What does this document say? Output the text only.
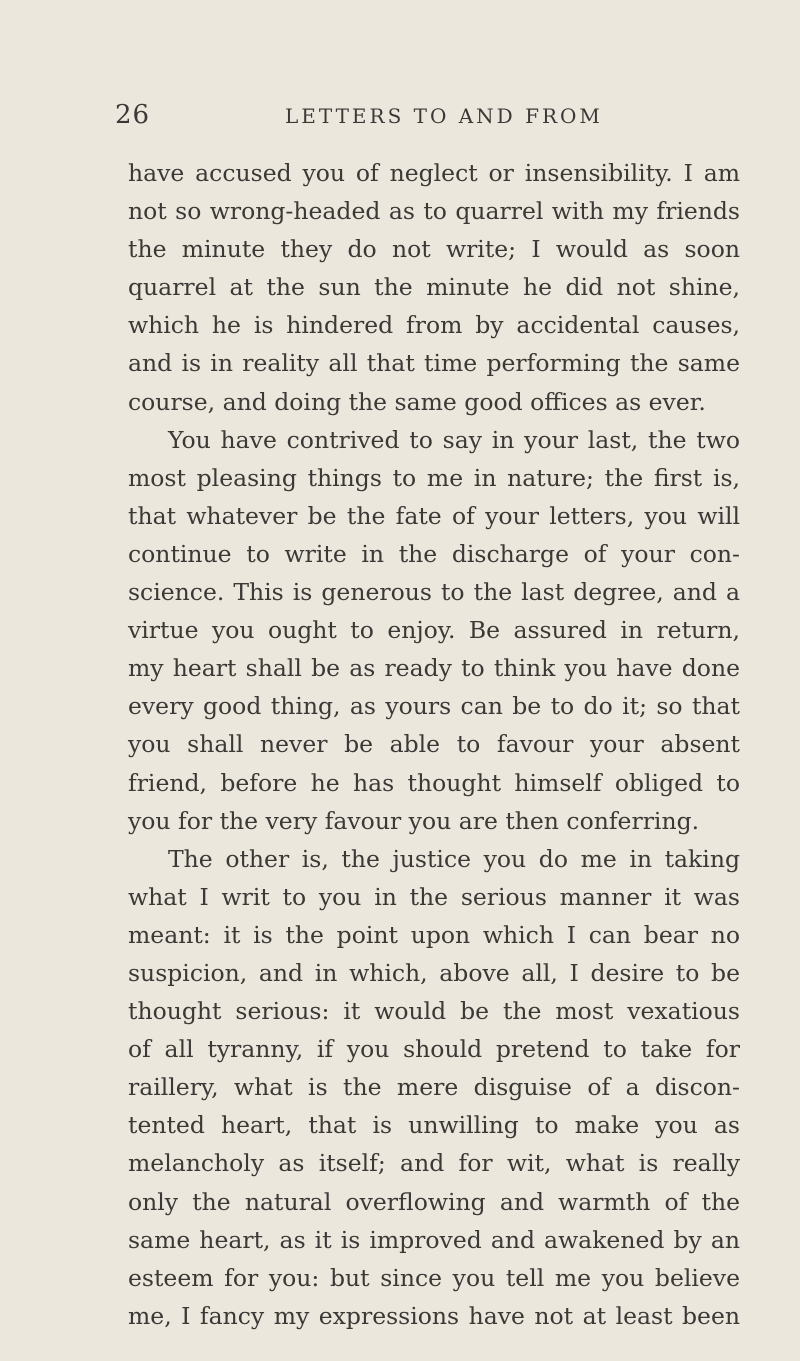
26	LETTERS TO AND FROM
have accused you of neglect or insensibility. I am
not so wrong-headed as to quarrel with my friends
the minute they do not write; I would as soon
quarrel at the sun the minute he did not shine,
which he is hindered from by accidental causes,
and is in reality all that time performing the same
course, and doing the same good offices as ever.
You have contrived to say in your last, the two
most pleasing things to me in nature; the first is,
that whatever be the fate of your letters, you will
continue to write in the discharge of your con-
science. This is generous to the last degree, and a
virtue you ought to enjoy. Be assured in return,
my heart shall be as ready to think you have done
every good thing, as yours can be to do it; so that
you shall never be able to favour your absent
friend, before he has thought himself obliged to
you for the very favour you are then conferring.
The other is, the justice you do me in taking
what I writ to you in the serious manner it was
meant: it is the point upon which I can bear no
suspicion, and in which, above all, I desire to be
thought serious: it would be the most vexatious
of all tyranny, if you should pretend to take for
raillery, what is the mere disguise of a discon-
tented heart, that is unwilling to make you as
melancholy as itself; and for wit, what is really
only the natural overflowing and warmth of the
same heart, as it is improved and awakened by an
esteem for you: but since you tell me you believe
me, I fancy my expressions have not at least been
